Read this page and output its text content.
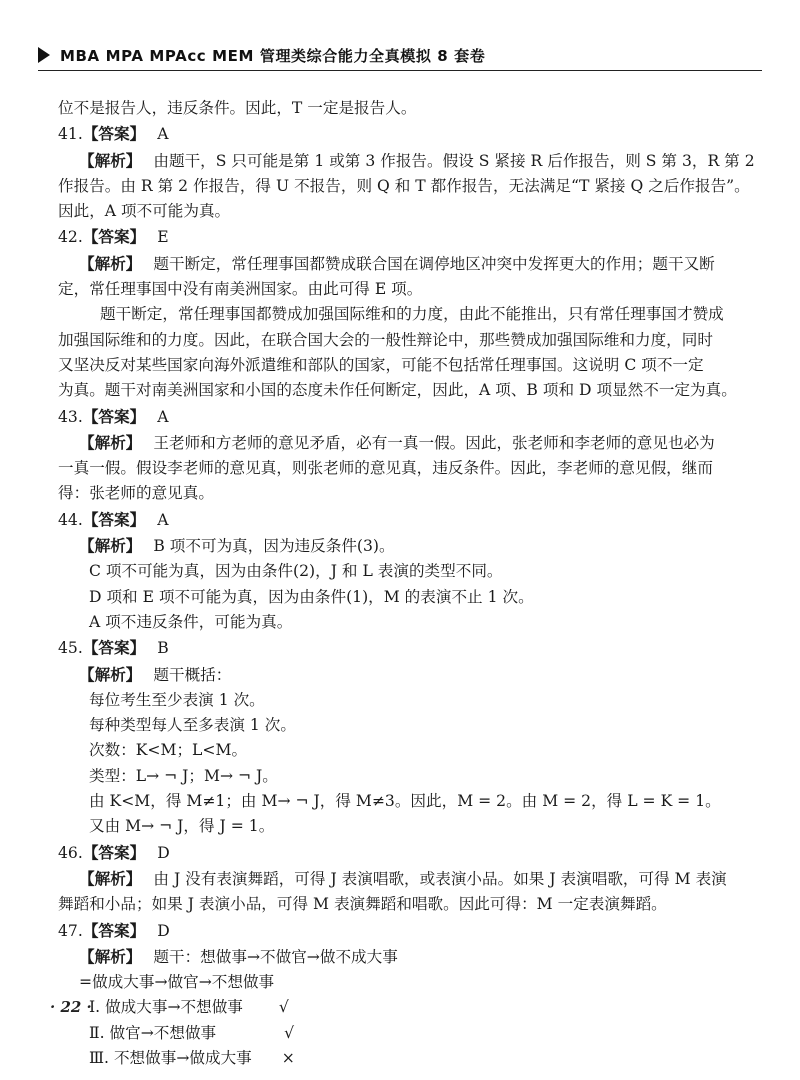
MBA MPA MPAcc MEM 管理类综合能力全真模拟 8 套卷
位不是报告人，违反条件。因此，T 一定是报告人。
41.【答案】 A
【解析】 由题干，S 只可能是第 1 或第 3 作报告。假设 S 紧接 R 后作报告，则 S 第 3，R 第 2
作报告。由 R 第 2 作报告，得 U 不报告，则 Q 和 T 都作报告，无法满足“T 紧接 Q 之后作报告”。
因此，A 项不可能为真。
42.【答案】 E
【解析】 题干断定，常任理事国都赞成联合国在调停地区冲突中发挥更大的作用；题干又断
定，常任理事国中没有南美洲国家。由此可得 E 项。
题干断定，常任理事国都赞成加强国际维和的力度，由此不能推出，只有常任理事国才赞成
加强国际维和的力度。因此，在联合国大会的一般性辩论中，那些赞成加强国际维和力度，同时
又坚决反对某些国家向海外派遣维和部队的国家，可能不包括常任理事国。这说明 C 项不一定
为真。题干对南美洲国家和小国的态度未作任何断定，因此，A 项、B 项和 D 项显然不一定为真。
43.【答案】 A
【解析】 王老师和方老师的意见矛盾，必有一真一假。因此，张老师和李老师的意见也必为
一真一假。假设李老师的意见真，则张老师的意见真，违反条件。因此，李老师的意见假，继而
得：张老师的意见真。
44.【答案】 A
【解析】 B 项不可为真，因为违反条件(3)。
C 项不可能为真，因为由条件(2)，J 和 L 表演的类型不同。
D 项和 E 项不可能为真，因为由条件(1)，M 的表演不止 1 次。
A 项不违反条件，可能为真。
45.【答案】 B
【解析】 题干概括：
每位考生至少表演 1 次。
每种类型每人至多表演 1 次。
次数：K<M；L<M。
类型：L→ ¬ J；M→ ¬ J。
由 K<M，得 M≠1；由 M→ ¬ J，得 M≠3。因此，M = 2。由 M = 2，得 L = K = 1。
又由 M→ ¬ J，得 J = 1。
46.【答案】 D
【解析】 由 J 没有表演舞蹈，可得 J 表演唱歌，或表演小品。如果 J 表演唱歌，可得 M 表演
舞蹈和小品；如果 J 表演小品，可得 M 表演舞蹈和唱歌。因此可得：M 一定表演舞蹈。
47.【答案】 D
【解析】 题干：想做事→不做官→做不成大事
=做成大事→做官→不想做事
Ⅰ. 做成大事→不想做事 √
Ⅱ. 做官→不想做事	√
Ⅲ. 不想做事→做成大事 ×
· 22 ·
